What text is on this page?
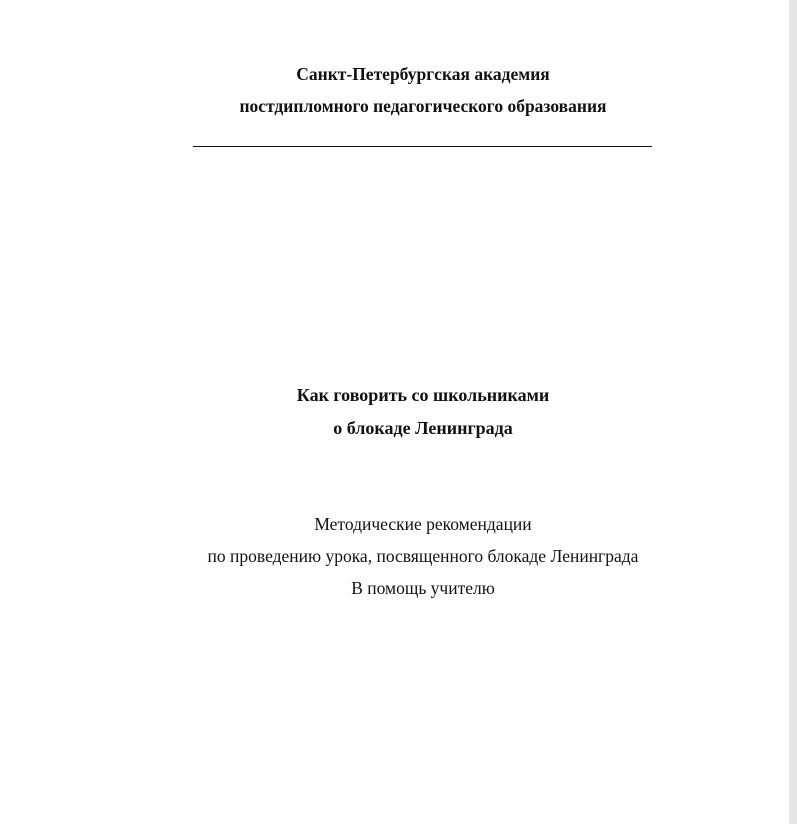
Санкт-Петербургская академия
постдипломного педагогического образования
Как говорить со школьниками
о блокаде Ленинграда
Методические рекомендации
по проведению урока, посвященного блокаде Ленинграда
В помощь учителю
